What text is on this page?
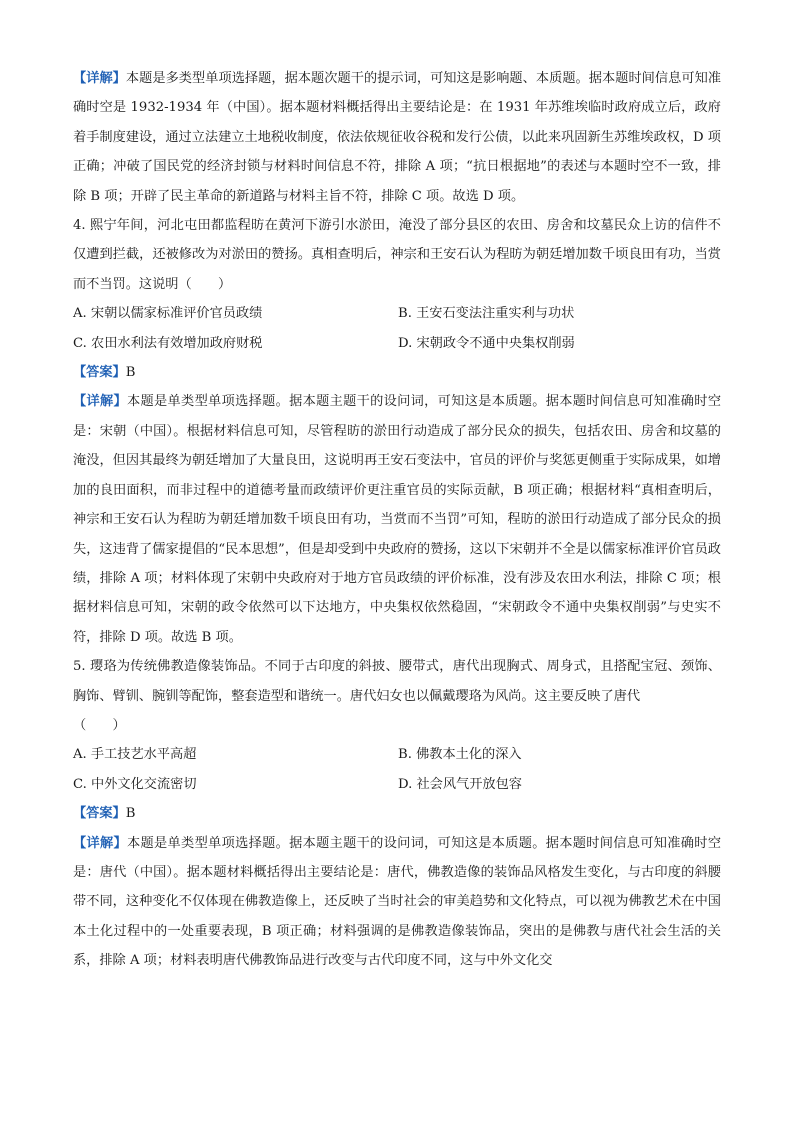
【详解】本题是多类型单项选择题，据本题次题干的提示词，可知这是影响题、本质题。据本题时间信息可知准确时空是 1932-1934 年（中国）。据本题材料概括得出主要结论是：在 1931 年苏维埃临时政府成立后，政府着手制度建设，通过立法建立土地税收制度，依法依规征收谷税和发行公债，以此来巩固新生苏维埃政权，D 项正确；冲破了国民党的经济封锁与材料时间信息不符，排除 A 项；“抗日根据地”的表述与本题时空不一致，排除 B 项；开辟了民主革命的新道路与材料主旨不符，排除 C 项。故选 D 项。

4. 熙宁年间，河北屯田都监程昉在黄河下游引水淤田，淹没了部分县区的农田、房舍和坟墓民众上访的信件不仅遭到拦截，还被修改为对淤田的赞扬。真相查明后，神宗和王安石认为程昉为朝廷增加数千顷良田有功，当赏而不当罚。这说明（　　）

A. 宋朝以儒家标准评价官员政绩	B. 王安石变法注重实利与功状
C. 农田水利法有效增加政府财税	D. 宋朝政令不通中央集权削弱

【答案】B

【详解】本题是单类型单项选择题。据本题主题干的设问词，可知这是本质题。据本题时间信息可知准确时空是：宋朝（中国）。根据材料信息可知，尽管程昉的淤田行动造成了部分民众的损失，包括农田、房舍和坟墓的淹没，但因其最终为朝廷增加了大量良田，这说明再王安石变法中，官员的评价与奖惩更侧重于实际成果，如增加的良田面积，而非过程中的道德考量而政绩评价更注重官员的实际贡献，B 项正确；根据材料“真相查明后，神宗和王安石认为程昉为朝廷增加数千顷良田有功，当赏而不当罚”可知，程昉的淤田行动造成了部分民众的损失，这违背了儒家提倡的“民本思想”，但是却受到中央政府的赞扬，这以下宋朝并不全是以儒家标准评价官员政绩，排除 A 项；材料体现了宋朝中央政府对于地方官员政绩的评价标准，没有涉及农田水利法，排除 C 项；根据材料信息可知，宋朝的政令依然可以下达地方，中央集权依然稳固，“宋朝政令不通中央集权削弱”与史实不符，排除 D 项。故选 B 项。

5. 璎珞为传统佛教造像装饰品。不同于古印度的斜披、腰带式，唐代出现胸式、周身式，且搭配宝冠、颈饰、胸饰、臂钏、腕钏等配饰，整套造型和谐统一。唐代妇女也以佩戴璎珞为风尚。这主要反映了唐代

（　　）

A. 手工技艺水平高超	B. 佛教本土化的深入
C. 中外文化交流密切	D. 社会风气开放包容

【答案】B

【详解】本题是单类型单项选择题。据本题主题干的设问词，可知这是本质题。据本题时间信息可知准确时空是：唐代（中国）。据本题材料概括得出主要结论是：唐代，佛教造像的装饰品风格发生变化，与古印度的斜腰带不同，这种变化不仅体现在佛教造像上，还反映了当时社会的审美趋势和文化特点，可以视为佛教艺术在中国本土化过程中的一处重要表现，B 项正确；材料强调的是佛教造像装饰品，突出的是佛教与唐代社会生活的关系，排除 A 项；材料表明唐代佛教饰品进行改变与古代印度不同，这与中外文化交
